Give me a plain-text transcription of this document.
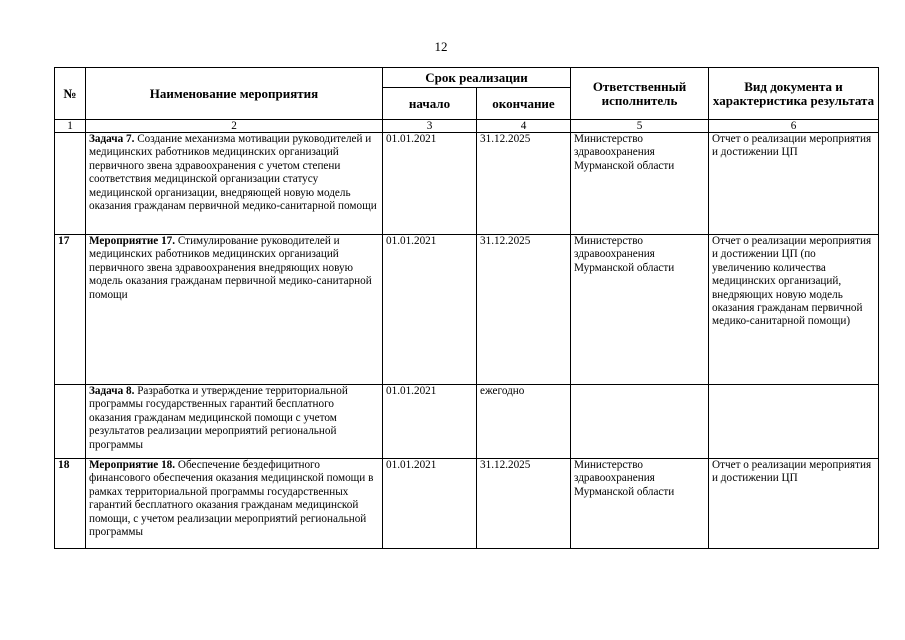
12
№	Наименование мероприятия	Срок реализации		Ответственный исполнитель	Вид документа и характеристика результата
		начало	окончание		
1	2	3	4	5	6
	Задача 7. Создание механизма мотивации руководителей и медицинских работников медицинских организаций первичного звена здравоохранения с учетом степени соответствия медицинской организации статусу медицинской организации, внедряющей новую модель оказания гражданам первичной медико-санитарной помощи	01.01.2021	31.12.2025	Министерство здравоохранения Мурманской области	Отчет о реализации мероприятия и достижении ЦП
17	Мероприятие 17. Стимулирование руководителей и медицинских работников медицинских организаций первичного звена здравоохранения внедряющих новую модель оказания гражданам первичной медико-санитарной помощи	01.01.2021	31.12.2025	Министерство здравоохранения Мурманской области	Отчет о реализации мероприятия и достижении ЦП (по увеличению количества медицинских организаций, внедряющих новую модель оказания гражданам первичной медико-санитарной помощи)
	Задача 8. Разработка и утверждение территориальной программы государственных гарантий бесплатного оказания гражданам медицинской помощи с учетом результатов реализации мероприятий региональной программы	01.01.2021	ежегодно		
18	Мероприятие 18. Обеспечение бездефицитного финансового обеспечения оказания медицинской помощи в рамках территориальной программы государственных гарантий бесплатного оказания гражданам медицинской помощи, с учетом реализации мероприятий региональной программы	01.01.2021	31.12.2025	Министерство здравоохранения Мурманской области	Отчет о реализации мероприятия и достижении ЦП
